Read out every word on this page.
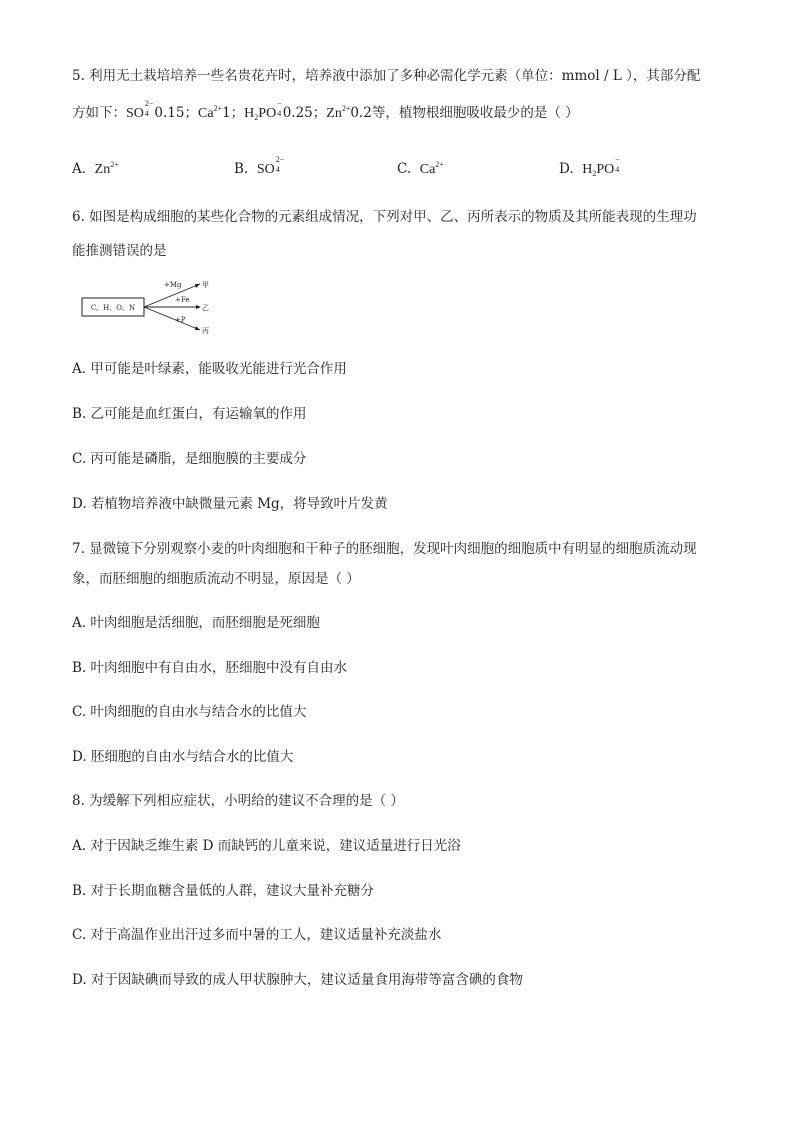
5. 利用无土栽培培养一些名贵花卉时，培养液中添加了多种必需化学元素（单位：mmol / L ），其部分配
方如下：SO
2−
4 0.15；$Ca^{2+}1$；$H_2PO$
−
4 0.25；$Zn^{2+}0.2$等，植物根细胞吸收最少的是（ ）
A. $Zn^{2+}$	B. SO
2−
4	C. $Ca^{2+}$	D. $H_2PO$
−
4
6. 如图是构成细胞的某些化合物的元素组成情况，下列对甲、乙、丙所表示的物质及其所能表现的生理功
能推测错误的是
C、H、O、N
+Mg
+Fe
+P
甲
乙
丙
A. 甲可能是叶绿素，能吸收光能进行光合作用
B. 乙可能是血红蛋白，有运输氧的作用
C. 丙可能是磷脂，是细胞膜的主要成分
D. 若植物培养液中缺微量元素 Mg，将导致叶片发黄
7. 显微镜下分别观察小麦的叶肉细胞和干种子的胚细胞，发现叶肉细胞的细胞质中有明显的细胞质流动现
象，而胚细胞的细胞质流动不明显，原因是（ ）
A. 叶肉细胞是活细胞，而胚细胞是死细胞
B. 叶肉细胞中有自由水，胚细胞中没有自由水
C. 叶肉细胞的自由水与结合水的比值大
D. 胚细胞的自由水与结合水的比值大
8. 为缓解下列相应症状，小明给的建议不合理的是（ ）
A. 对于因缺乏维生素 D 而缺钙的儿童来说，建议适量进行日光浴
B. 对于长期血糖含量低的人群，建议大量补充糖分
C. 对于高温作业出汗过多而中暑的工人，建议适量补充淡盐水
D. 对于因缺碘而导致的成人甲状腺肿大，建议适量食用海带等富含碘的食物
